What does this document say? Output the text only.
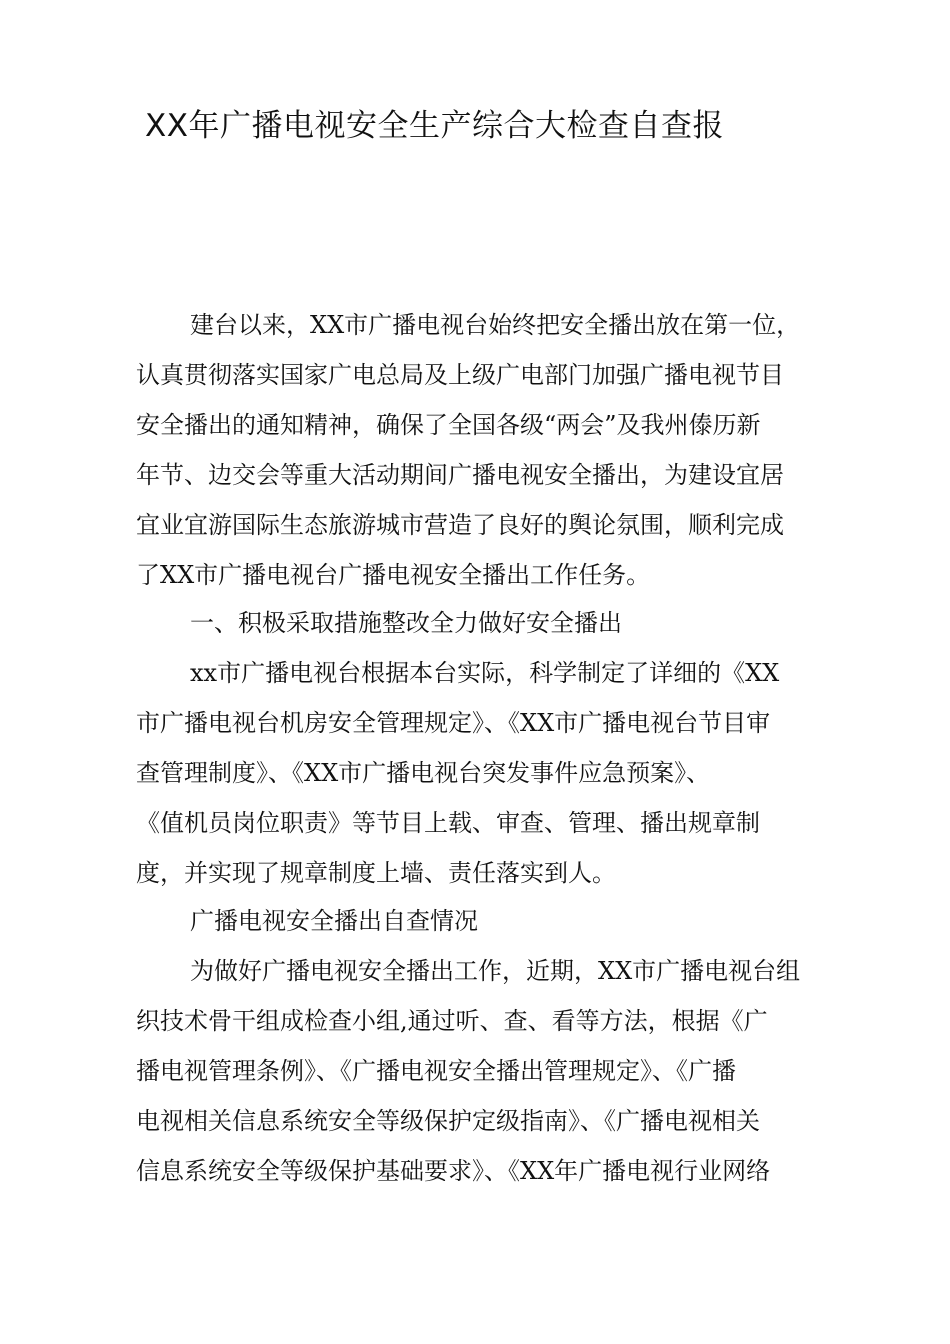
XX年广播电视安全生产综合大检查自查报
建台以来，XX市广播电视台始终把安全播出放在第一位，
认真贯彻落实国家广电总局及上级广电部门加强广播电视节目
安全播出的通知精神，确保了全国各级“两会”及我州傣历新
年节、边交会等重大活动期间广播电视安全播出，为建设宜居
宜业宜游国际生态旅游城市营造了良好的舆论氛围，顺利完成
了XX市广播电视台广播电视安全播出工作任务。
一、积极采取措施整改全力做好安全播出
xx市广播电视台根据本台实际，科学制定了详细的《XX
市广播电视台机房安全管理规定》、《XX市广播电视台节目审
查管理制度》、《XX市广播电视台突发事件应急预案》、
《值机员岗位职责》等节目上载、审查、管理、播出规章制
度，并实现了规章制度上墙、责任落实到人。
广播电视安全播出自查情况
为做好广播电视安全播出工作，近期，XX市广播电视台组
织技术骨干组成检查小组,通过听、查、看等方法，根据《广
播电视管理条例》、《广播电视安全播出管理规定》、《广播
电视相关信息系统安全等级保护定级指南》、《广播电视相关
信息系统安全等级保护基础要求》、《XX年广播电视行业网络
